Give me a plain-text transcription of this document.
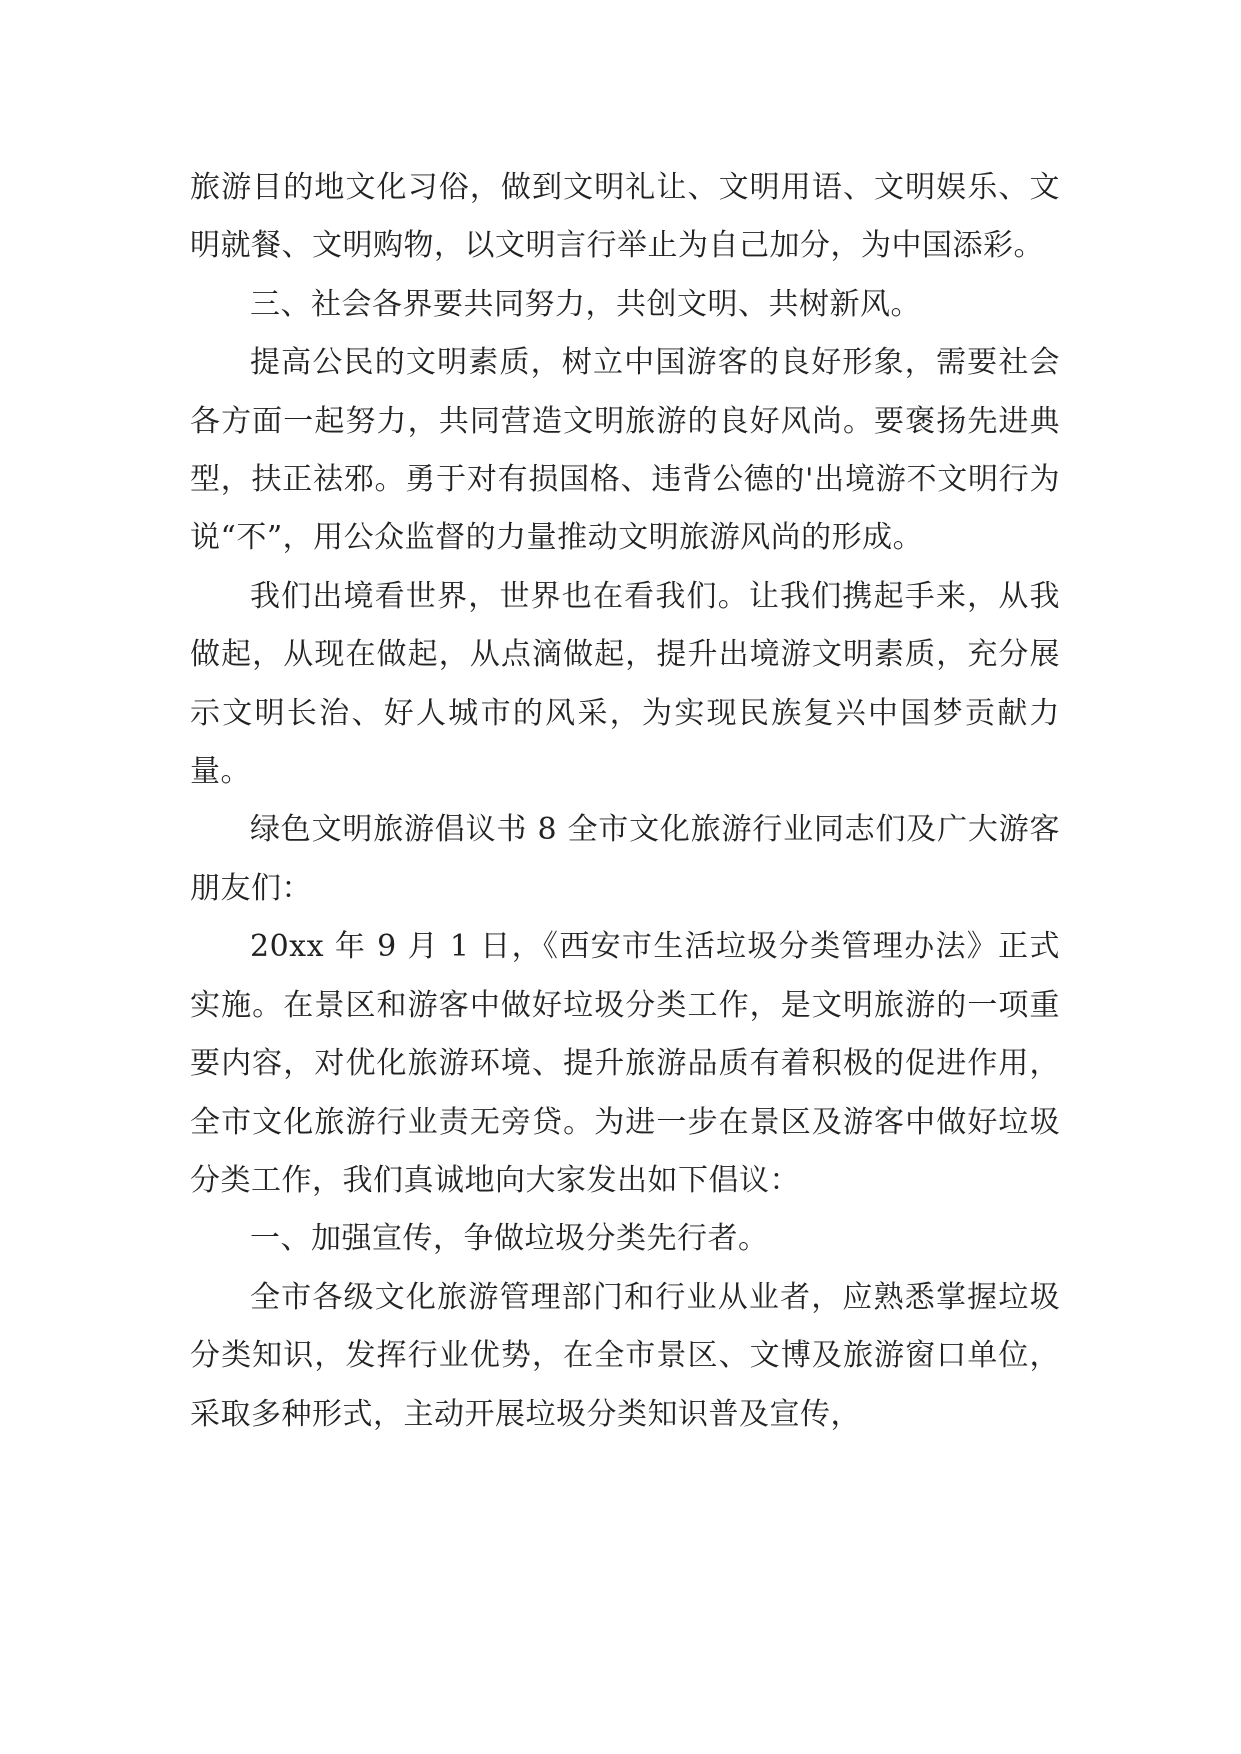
旅游目的地文化习俗，做到文明礼让、文明用语、文明娱乐、文明就餐、文明购物，以文明言行举止为自己加分，为中国添彩。

三、社会各界要共同努力，共创文明、共树新风。

提高公民的文明素质，树立中国游客的良好形象，需要社会各方面一起努力，共同营造文明旅游的良好风尚。要褒扬先进典型，扶正祛邪。勇于对有损国格、违背公德的'出境游不文明行为说“不”，用公众监督的力量推动文明旅游风尚的形成。

我们出境看世界，世界也在看我们。让我们携起手来，从我做起，从现在做起，从点滴做起，提升出境游文明素质，充分展示文明长治、好人城市的风采，为实现民族复兴中国梦贡献力量。

绿色文明旅游倡议书 8 全市文化旅游行业同志们及广大游客朋友们：

20xx 年 9 月 1 日，《西安市生活垃圾分类管理办法》正式实施。在景区和游客中做好垃圾分类工作，是文明旅游的一项重要内容，对优化旅游环境、提升旅游品质有着积极的促进作用，全市文化旅游行业责无旁贷。为进一步在景区及游客中做好垃圾分类工作，我们真诚地向大家发出如下倡议：

一、加强宣传，争做垃圾分类先行者。

全市各级文化旅游管理部门和行业从业者，应熟悉掌握垃圾分类知识，发挥行业优势，在全市景区、文博及旅游窗口单位，采取多种形式，主动开展垃圾分类知识普及宣传，
